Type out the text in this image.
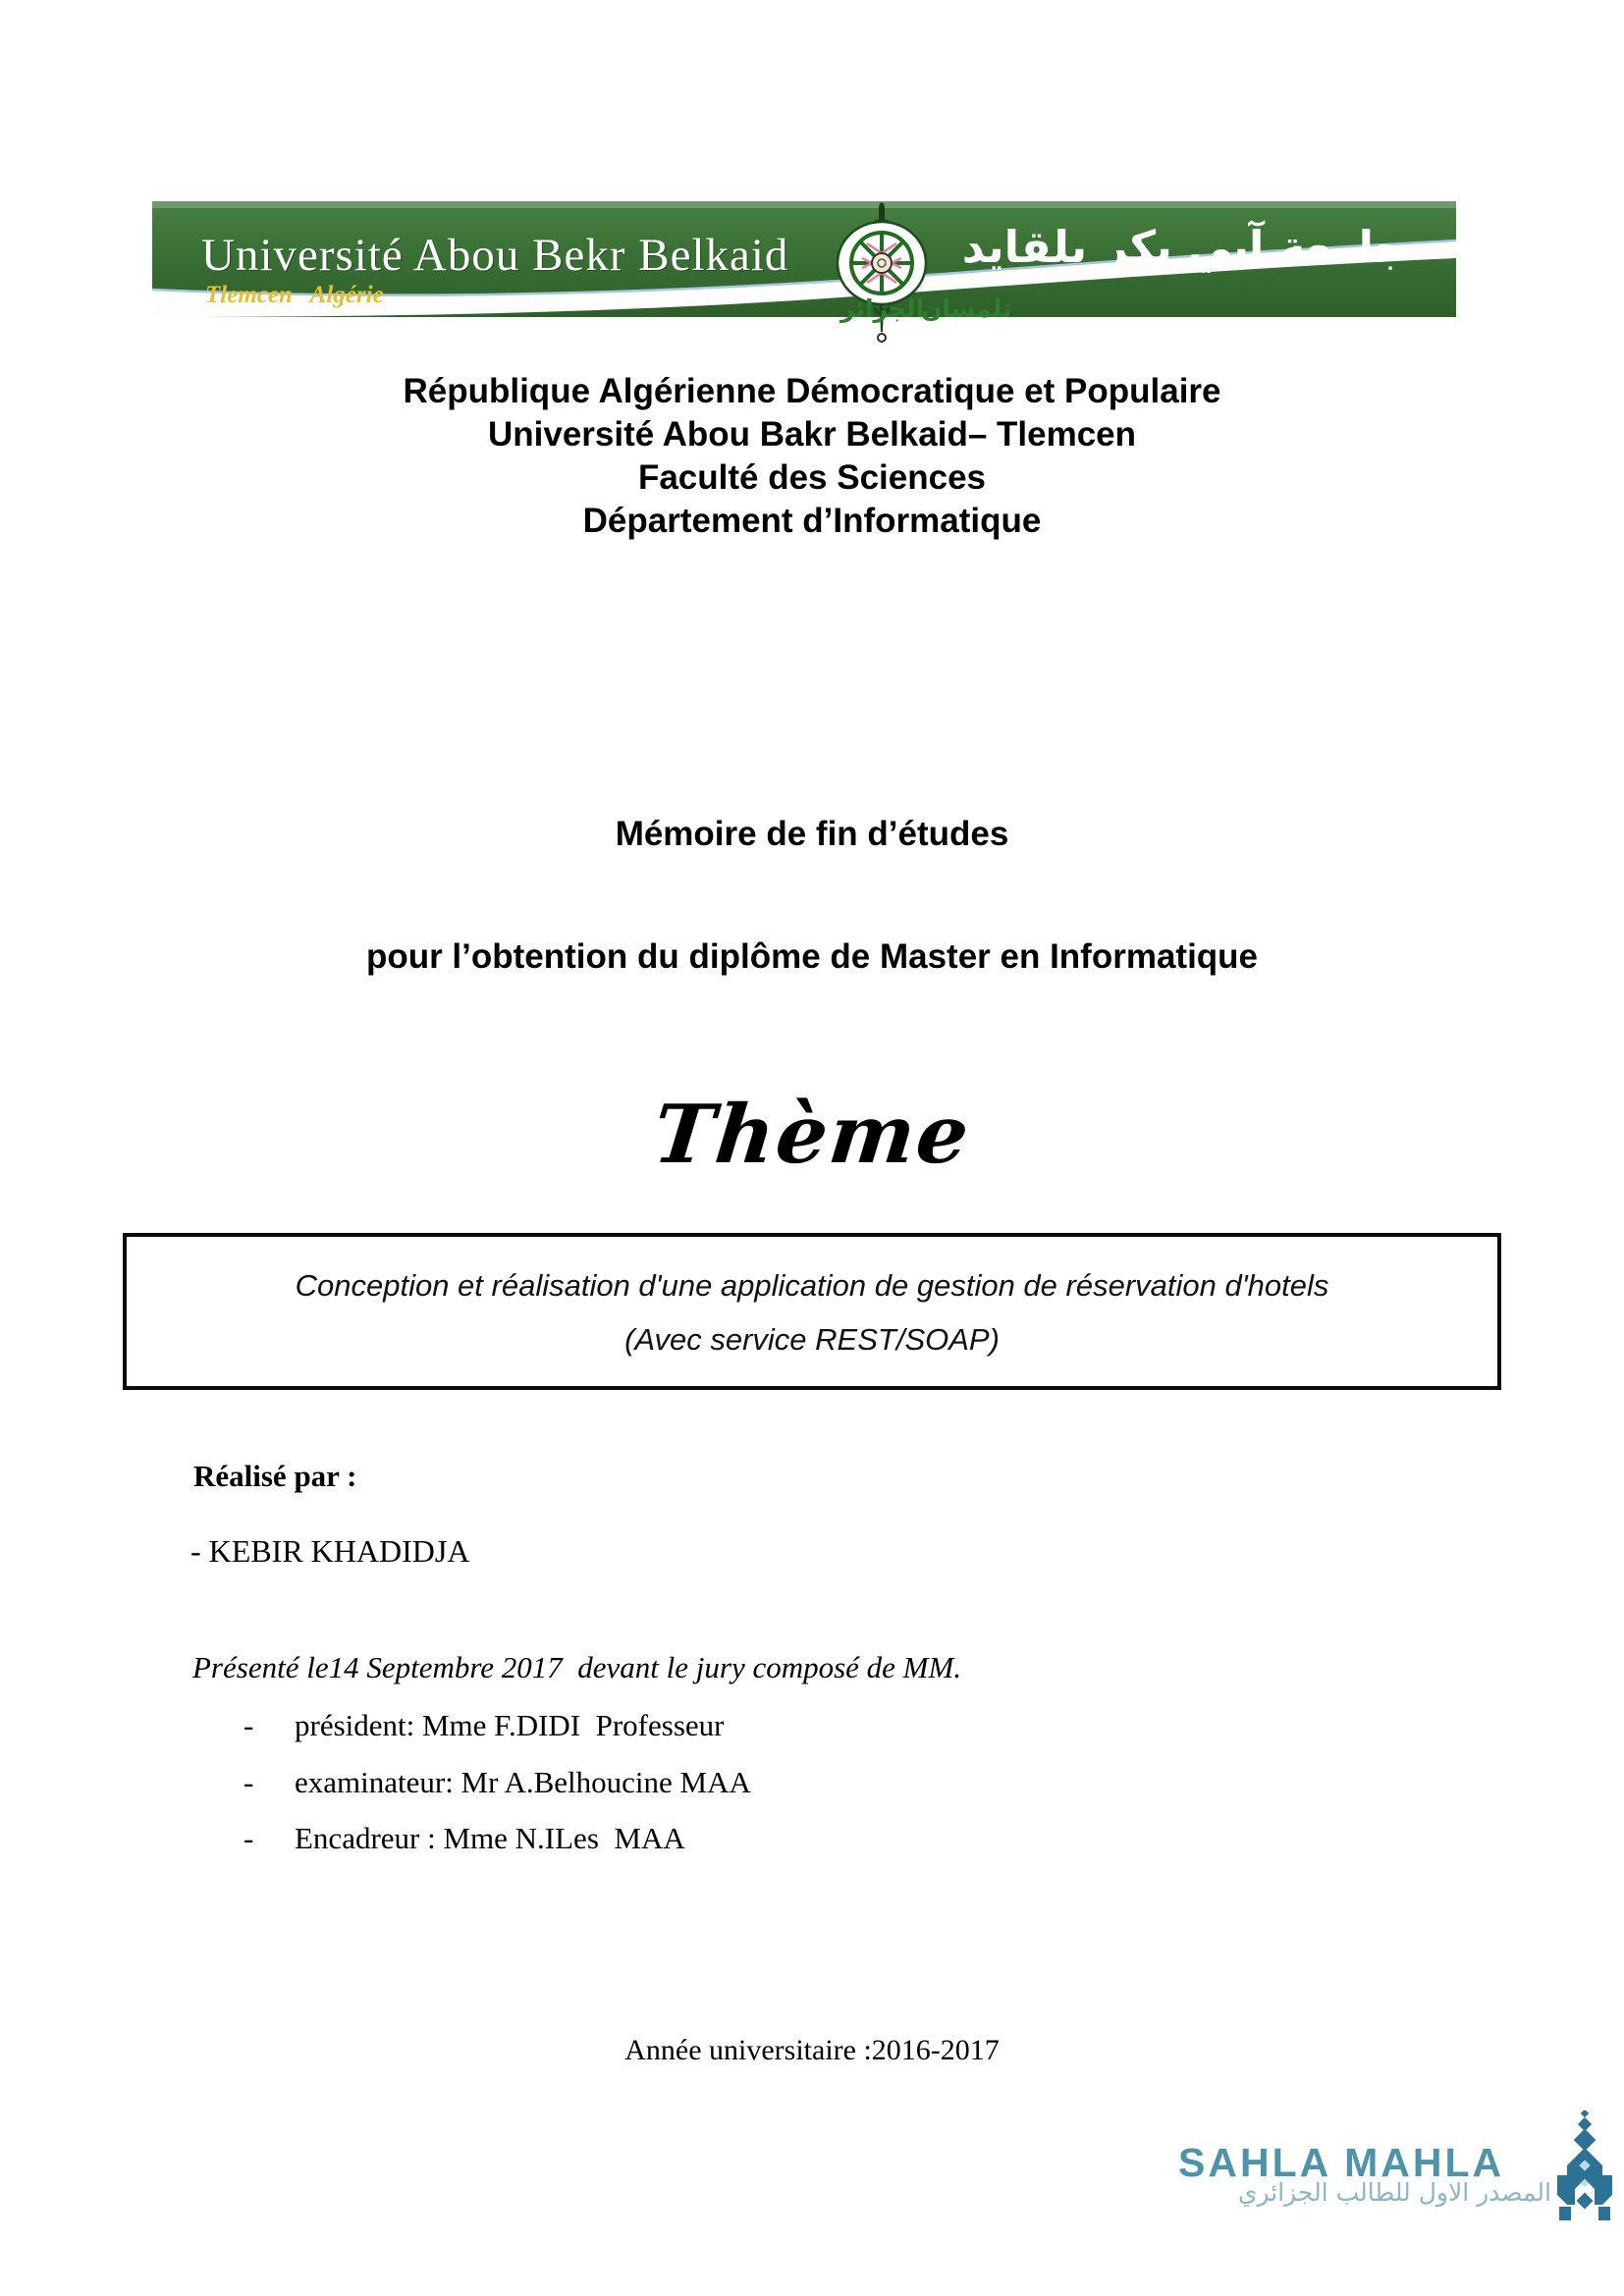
Université Abou Bekr Belkaid
Tlemcen   Algérie
جامعة آبي بكر بلقايد
الجزائر
تلمسان
République Algérienne Démocratique et Populaire
Université Abou Bakr Belkaid– Tlemcen
Faculté des Sciences
Département d’Informatique
Mémoire de fin d’études
pour l’obtention du diplôme de Master en Informatique
Thème
Conception et réalisation d'une application de gestion de réservation d'hotels
(Avec service REST/SOAP)
Réalisé par :
- KEBIR KHADIDJA
Présenté le14 Septembre 2017  devant le jury composé de MM.

-

président: Mme F.DIDI  Professeur

-

examinateur: Mr A.Belhoucine MAA

-

Encadreur : Mme N.ILes  MAA

Année universitaire :2016-2017
SAHLA MAHLA
المصدر الاول للطالب الجزائري
